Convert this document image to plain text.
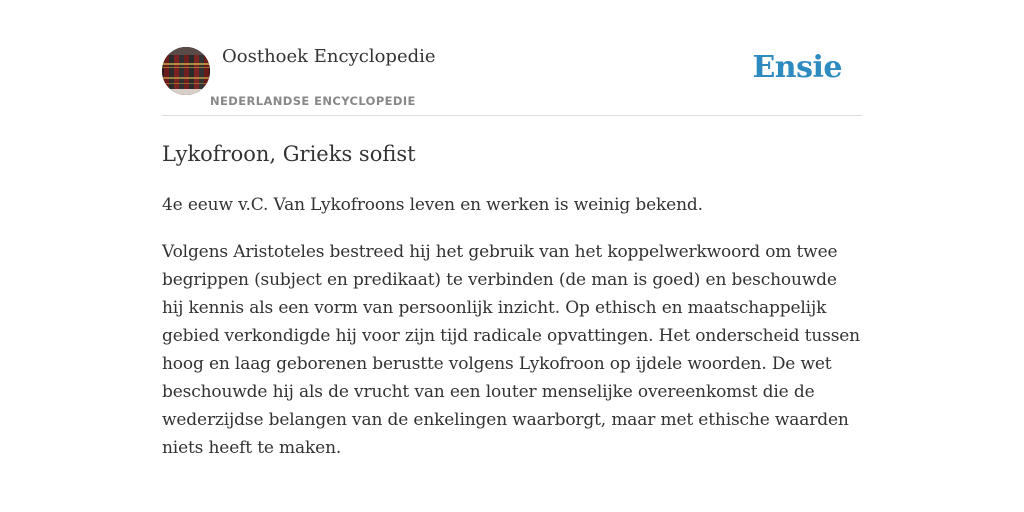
Oosthoek Encyclopedie
NEDERLANDSE ENCYCLOPEDIE
Ensie
Lykofroon, Grieks sofist

4e eeuw v.C. Van Lykofroons leven en werken is weinig bekend.

Volgens Aristoteles bestreed hij het gebruik van het koppelwerkwoord om twee begrippen (subject en predikaat) te verbinden (de man is goed) en beschouwde hij kennis als een vorm van persoonlijk inzicht. Op ethisch en maatschappelijk gebied verkondigde hij voor zijn tijd radicale opvattingen. Het onderscheid tussen hoog en laag geborenen berustte volgens Lykofroon op ijdele woorden. De wet beschouwde hij als de vrucht van een louter menselijke overeenkomst die de wederzijdse belangen van de enkelingen waarborgt, maar met ethische waarden niets heeft te maken.
